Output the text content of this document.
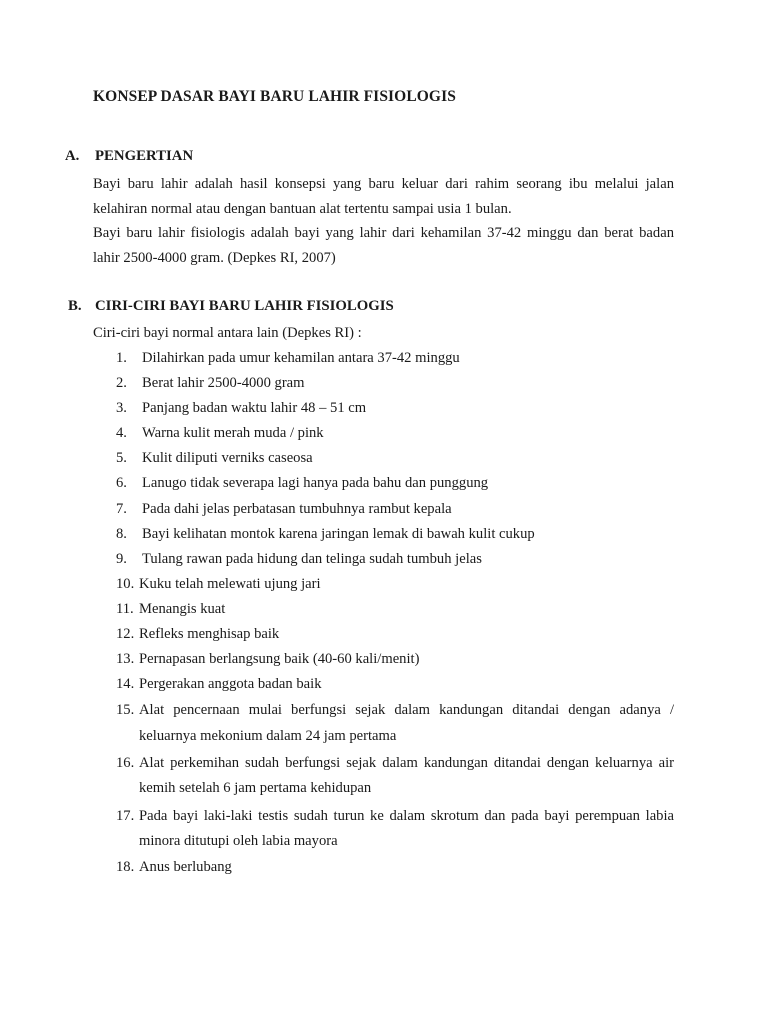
KONSEP DASAR BAYI BARU LAHIR FISIOLOGIS
A. PENGERTIAN
Bayi baru lahir adalah hasil konsepsi yang baru keluar dari rahim seorang ibu melalui jalan kelahiran normal atau dengan bantuan alat tertentu sampai usia 1 bulan.
Bayi baru lahir fisiologis adalah bayi yang lahir dari kehamilan 37-42 minggu dan berat badan lahir 2500-4000 gram. (Depkes RI, 2007)
B. CIRI-CIRI BAYI BARU LAHIR FISIOLOGIS
Ciri-ciri bayi normal antara lain (Depkes RI) :
1. Dilahirkan pada umur kehamilan antara 37-42 minggu
2. Berat lahir 2500-4000 gram
3. Panjang badan waktu lahir 48 – 51 cm
4. Warna kulit merah muda / pink
5. Kulit diliputi verniks caseosa
6. Lanugo tidak severapa lagi hanya pada bahu dan punggung
7. Pada dahi jelas perbatasan tumbuhnya rambut kepala
8. Bayi kelihatan montok karena jaringan lemak di bawah kulit cukup
9. Tulang rawan pada hidung dan telinga sudah tumbuh jelas
10. Kuku telah melewati ujung jari
11. Menangis kuat
12. Refleks menghisap baik
13. Pernapasan berlangsung baik (40-60 kali/menit)
14. Pergerakan anggota badan baik
15. Alat pencernaan mulai berfungsi sejak dalam kandungan ditandai dengan adanya / keluarnya mekonium dalam 24 jam pertama
16. Alat perkemihan sudah berfungsi sejak dalam kandungan ditandai dengan keluarnya air kemih setelah 6 jam pertama kehidupan
17. Pada bayi laki-laki testis sudah turun ke dalam skrotum dan pada bayi perempuan labia minora ditutupi oleh labia mayora
18. Anus berlubang
